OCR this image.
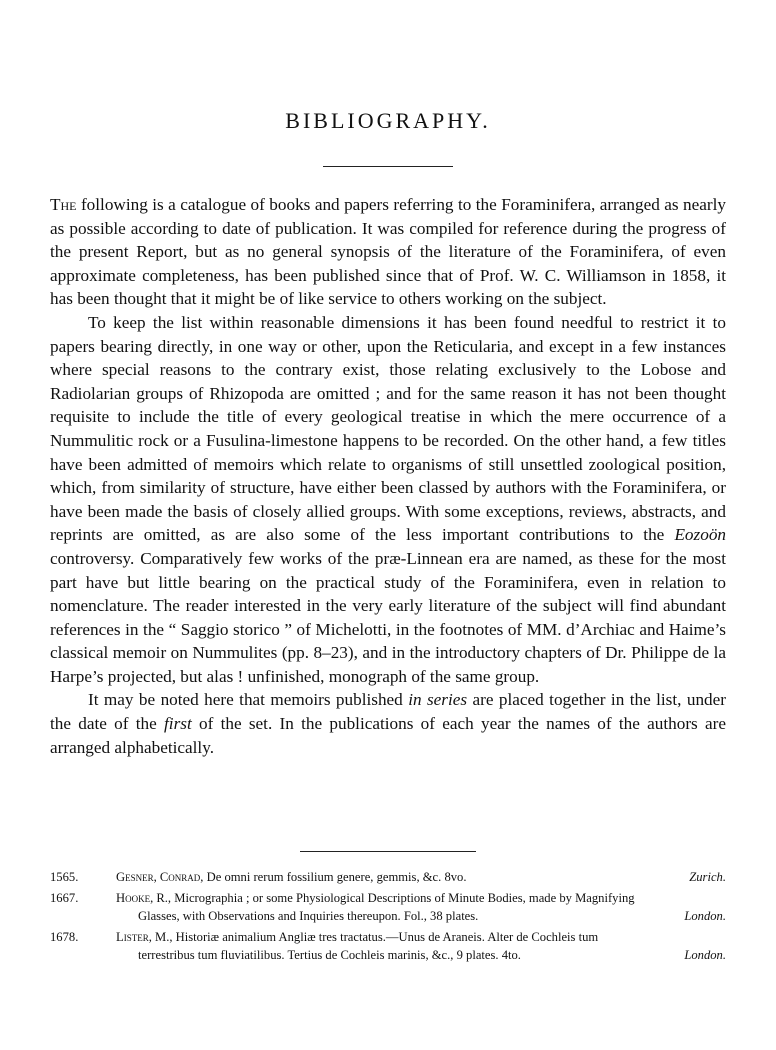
BIBLIOGRAPHY.

The following is a catalogue of books and papers referring to the Foraminifera, arranged as nearly as possible according to date of publication. It was compiled for reference during the progress of the present Report, but as no general synopsis of the literature of the Foraminifera, of even approximate completeness, has been published since that of Prof. W. C. Williamson in 1858, it has been thought that it might be of like service to others working on the subject.

To keep the list within reasonable dimensions it has been found needful to restrict it to papers bearing directly, in one way or other, upon the Reticularia, and except in a few instances where special reasons to the contrary exist, those relating exclusively to the Lobose and Radiolarian groups of Rhizopoda are omitted ; and for the same reason it has not been thought requisite to include the title of every geological treatise in which the mere occurrence of a Nummulitic rock or a Fusulina-limestone happens to be recorded. On the other hand, a few titles have been admitted of memoirs which relate to organisms of still unsettled zoological position, which, from similarity of structure, have either been classed by authors with the Foraminifera, or have been made the basis of closely allied groups. With some exceptions, reviews, abstracts, and reprints are omitted, as are also some of the less important contributions to the Eozoön controversy. Comparatively few works of the præ-Linnean era are named, as these for the most part have but little bearing on the practical study of the Foraminifera, even in relation to nomenclature. The reader interested in the very early literature of the subject will find abundant references in the “ Saggio storico ” of Michelotti, in the footnotes of MM. d’Archiac and Haime’s classical memoir on Nummulites (pp. 8–23), and in the introductory chapters of Dr. Philippe de la Harpe’s projected, but alas ! unfinished, monograph of the same group.

It may be noted here that memoirs published in series are placed together in the list, under the date of the first of the set. In the publications of each year the names of the authors are arranged alphabetically.

1565.	Gesner, Conrad, De omni rerum fossilium genere, gemmis, &c. 8vo.	Zurich.
1667.	Hooke, R., Micrographia ; or some Physiological Descriptions of Minute Bodies, made by Magnifying
Glasses, with Observations and Inquiries thereupon. Fol., 38 plates.	London.
1678.	Lister, M., Historiæ animalium Angliæ tres tractatus.—Unus de Araneis. Alter de Cochleis tum
terrestribus tum fluviatilibus. Tertius de Cochleis marinis, &c., 9 plates. 4to.	London.
